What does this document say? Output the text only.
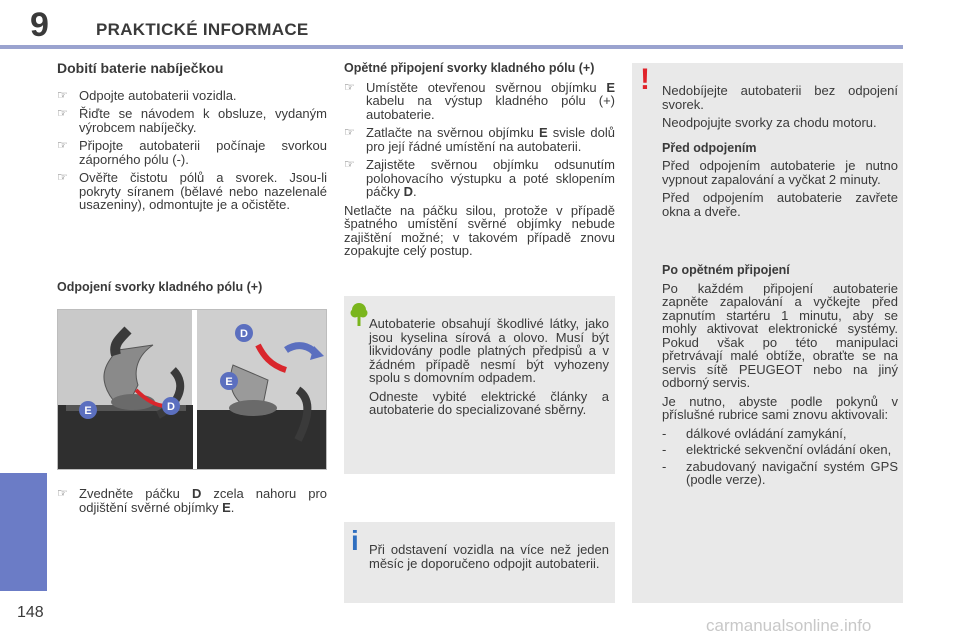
9	PRAKTICKÉ INFORMACE
148
carmanualsonline.info
Dobití baterie nabíječkou
☞ Odpojte autobaterii vozidla.
☞ Řiďte se návodem k obsluze, vydaným výrobcem nabíječky.
☞ Připojte autobaterii počínaje svorkou záporného pólu (-).
☞ Ověřte čistotu pólů a svorek. Jsou-li pokryty síranem (bělavé nebo nazelenalé usazeniny), odmontujte je a očistěte.
Odpojení svorky kladného pólu (+)
E	D
D
E
☞ Zvedněte páčku D zcela nahoru pro odjištění svěrné objímky E.
Opětné připojení svorky kladného pólu (+)
☞ Umístěte otevřenou svěrnou objímku E kabelu na výstup kladného pólu (+) autobaterie.
☞ Zatlačte na svěrnou objímku E svisle dolů pro její řádné umístění na autobaterii.
☞ Zajistěte svěrnou objímku odsunutím polohovacího výstupku a poté sklopením páčky D.

Netlačte na páčku silou, protože v případě špatného umístění svěrné objímky nebude zajištění možné; v takovém případě znovu zopakujte celý postup.

Autobaterie obsahují škodlivé látky, jako jsou kyselina sírová a olovo. Musí být likvidovány podle platných předpisů a v žádném případě nesmí být vyhozeny spolu s domovním odpadem.

Odneste vybité elektrické články a autobaterie do specializované sběrny.

i Při odstavení vozidla na více než jeden měsíc je doporučeno odpojit autobaterii.

! Nedobíjejte autobaterii bez odpojení svorek.

Neodpojujte svorky za chodu motoru.

Před odpojením

Před odpojením autobaterie je nutno vypnout zapalování a vyčkat 2 minuty.

Před odpojením autobaterie zavřete okna a dveře.

Po opětném připojení

Po každém připojení autobaterie zapněte zapalování a vyčkejte před zapnutím startéru 1 minutu, aby se mohly aktivovat elektronické systémy. Pokud však po této manipulaci přetrvávají malé obtíže, obraťte se na servis sítě PEUGEOT nebo na jiný odborný servis.

Je nutno, abyste podle pokynů v příslušné rubrice sami znovu aktivovali:

- dálkové ovládání zamykání,
- elektrické sekvenční ovládání oken,
- zabudovaný navigační systém GPS (podle verze).
